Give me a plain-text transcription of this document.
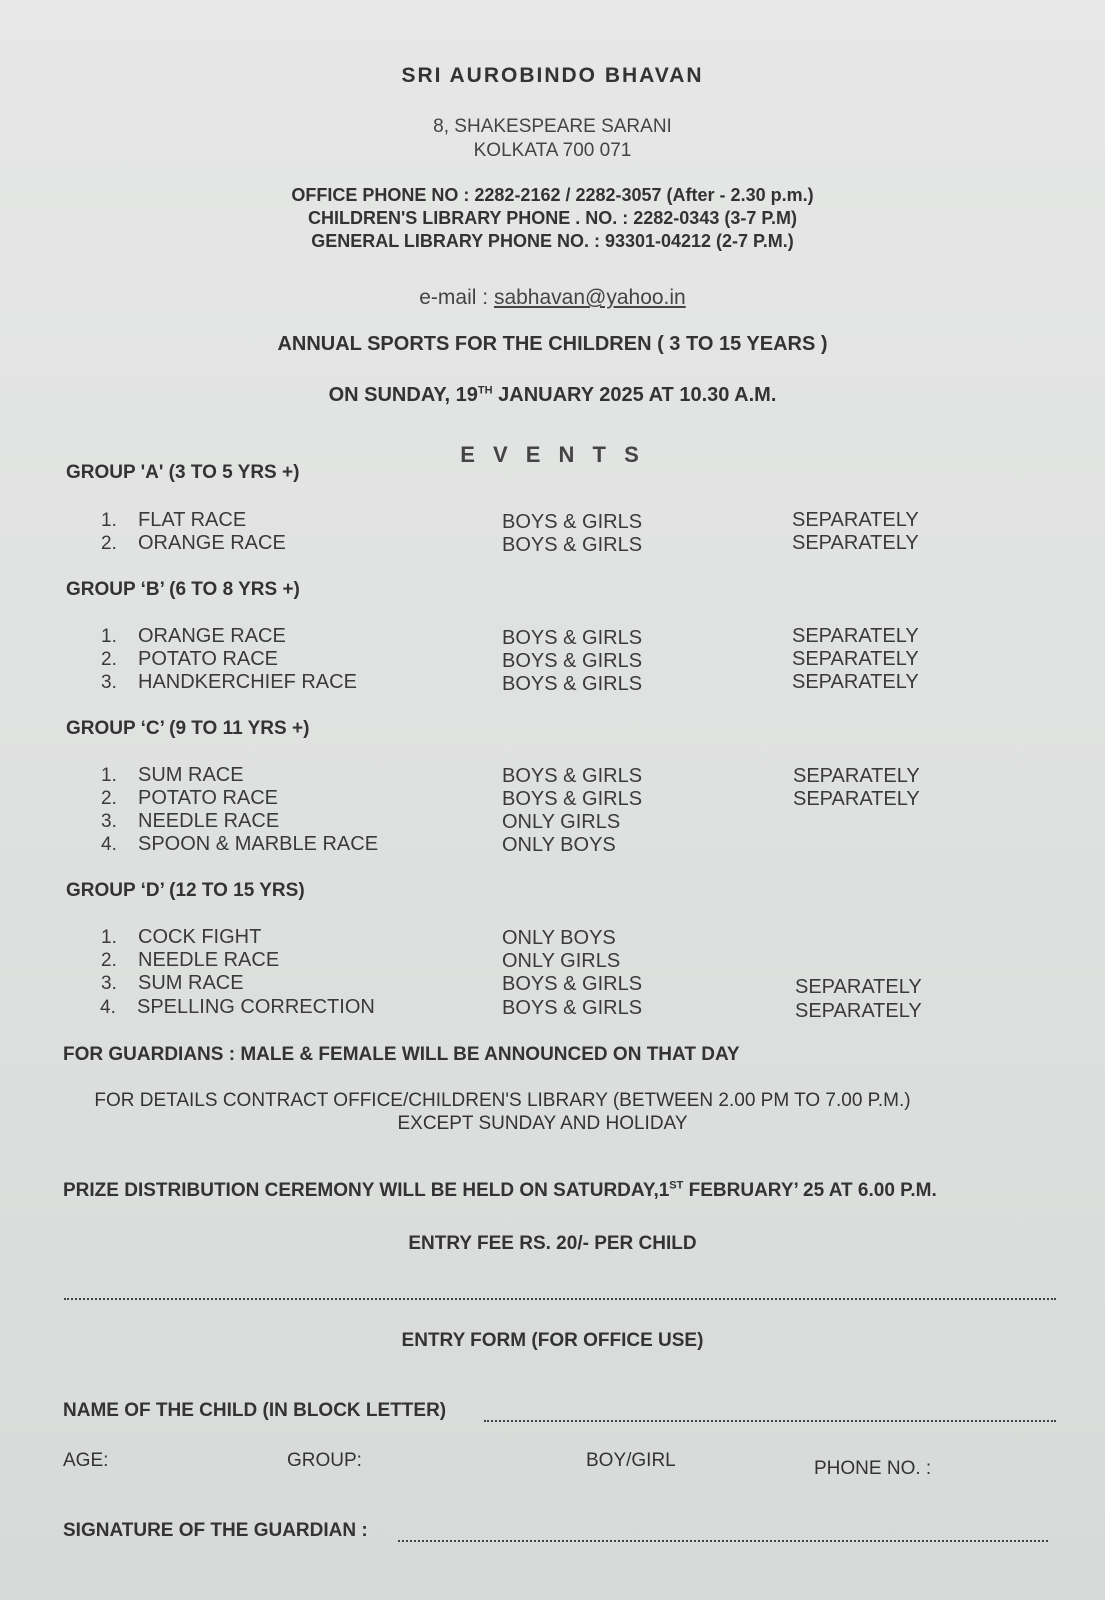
SRI AUROBINDO BHAVAN
8, SHAKESPEARE SARANI
KOLKATA 700 071
OFFICE PHONE NO : 2282-2162 / 2282-3057 (After - 2.30 p.m.)
CHILDREN'S LIBRARY PHONE . NO. : 2282-0343 (3-7 P.M)
GENERAL LIBRARY PHONE NO. : 93301-04212 (2-7 P.M.)
e-mail : sabhavan@yahoo.in
ANNUAL SPORTS FOR THE CHILDREN ( 3 TO 15 YEARS )
ON SUNDAY, 19TH JANUARY 2025 AT 10.30 A.M.
E V E N T S
GROUP 'A' (3 TO 5 YRS +)
1. FLAT RACE	BOYS & GIRLS	SEPARATELY
2. ORANGE RACE	BOYS & GIRLS	SEPARATELY
GROUP ‘B’ (6 TO 8 YRS +)
1. ORANGE RACE	BOYS & GIRLS	SEPARATELY
2. POTATO RACE	BOYS & GIRLS	SEPARATELY
3. HANDKERCHIEF RACE	BOYS & GIRLS	SEPARATELY
GROUP ‘C’ (9 TO 11 YRS +)
1. SUM RACE	BOYS & GIRLS	SEPARATELY
2. POTATO RACE	BOYS & GIRLS	SEPARATELY
3. NEEDLE RACE	ONLY GIRLS
4. SPOON & MARBLE RACE	ONLY BOYS
GROUP ‘D’ (12 TO 15 YRS)
1. COCK FIGHT	ONLY BOYS
2. NEEDLE RACE	ONLY GIRLS
3. SUM RACE	BOYS & GIRLS	SEPARATELY
4. SPELLING CORRECTION	BOYS & GIRLS	SEPARATELY
FOR GUARDIANS : MALE & FEMALE WILL BE ANNOUNCED ON THAT DAY
FOR DETAILS CONTRACT OFFICE/CHILDREN'S LIBRARY (BETWEEN 2.00 PM TO 7.00 P.M.)
EXCEPT SUNDAY AND HOLIDAY
PRIZE DISTRIBUTION CEREMONY WILL BE HELD ON SATURDAY,1ST FEBRUARY’ 25 AT 6.00 P.M.
ENTRY FEE RS. 20/- PER CHILD
ENTRY FORM (FOR OFFICE USE)
NAME OF THE CHILD (IN BLOCK LETTER)
AGE:	GROUP:	BOY/GIRL	PHONE NO. :
SIGNATURE OF THE GUARDIAN :
